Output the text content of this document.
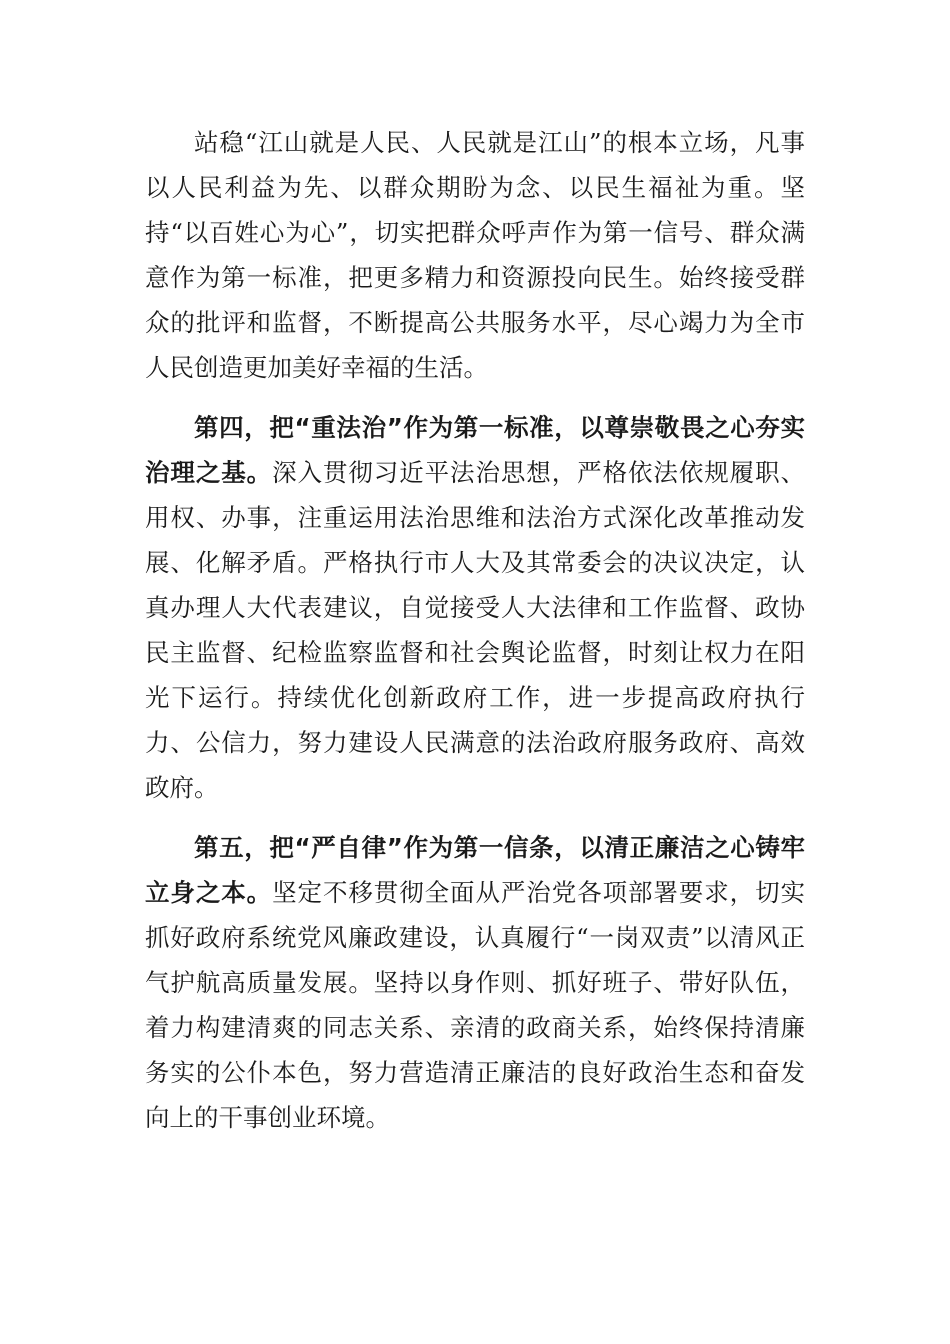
站稳“江山就是人民、人民就是江山”的根本立场，凡事以人民利益为先、以群众期盼为念、以民生福祉为重。坚持“以百姓心为心”，切实把群众呼声作为第一信号、群众满意作为第一标准，把更多精力和资源投向民生。始终接受群众的批评和监督，不断提高公共服务水平，尽心竭力为全市人民创造更加美好幸福的生活。

第四，把“重法治”作为第一标准，以尊崇敬畏之心夯实治理之基。深入贯彻习近平法治思想，严格依法依规履职、用权、办事，注重运用法治思维和法治方式深化改革推动发展、化解矛盾。严格执行市人大及其常委会的决议决定，认真办理人大代表建议，自觉接受人大法律和工作监督、政协民主监督、纪检监察监督和社会舆论监督，时刻让权力在阳光下运行。持续优化创新政府工作，进一步提高政府执行力、公信力，努力建设人民满意的法治政府服务政府、高效政府。

第五，把“严自律”作为第一信条，以清正廉洁之心铸牢立身之本。坚定不移贯彻全面从严治党各项部署要求，切实抓好政府系统党风廉政建设，认真履行“一岗双责”以清风正气护航高质量发展。坚持以身作则、抓好班子、带好队伍，着力构建清爽的同志关系、亲清的政商关系，始终保持清廉务实的公仆本色，努力营造清正廉洁的良好政治生态和奋发向上的干事创业环境。
